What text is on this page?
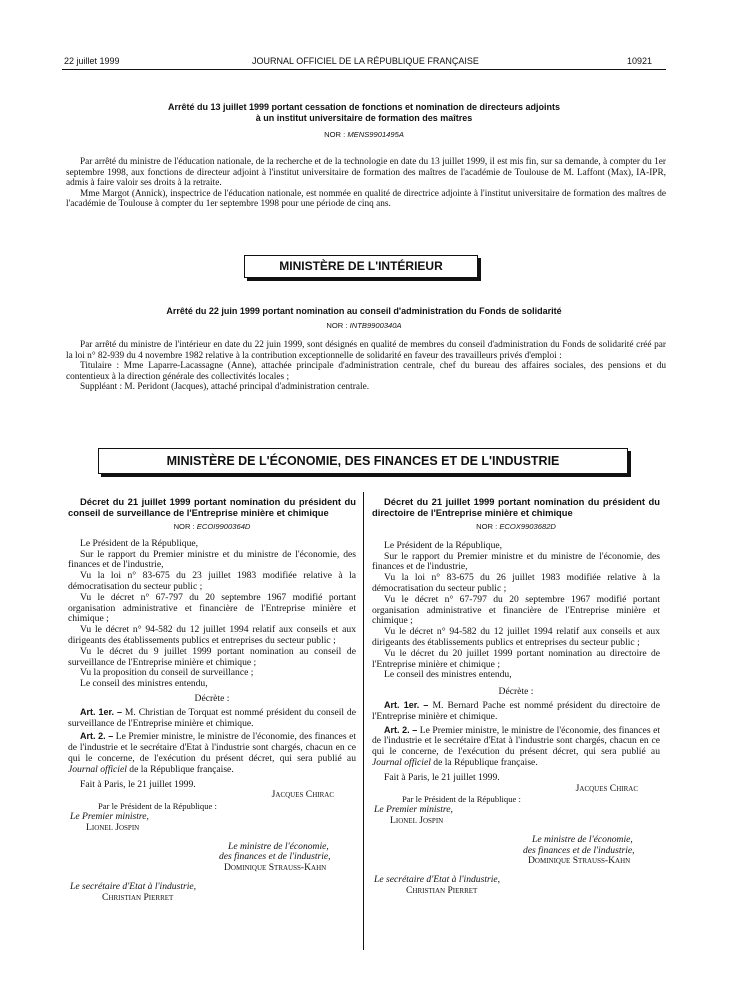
22 juillet 1999	JOURNAL OFFICIEL DE LA RÉPUBLIQUE FRANÇAISE	10921
Arrêté du 13 juillet 1999 portant cessation de fonctions et nomination de directeurs adjoints
à un institut universitaire de formation des maîtres
NOR : MENS9901495A

Par arrêté du ministre de l'éducation nationale, de la recherche et de la technologie en date du 13 juillet 1999, il est mis fin, sur sa demande, à compter du 1er septembre 1998, aux fonctions de directeur adjoint à l'institut universitaire de formation des maîtres de l'académie de Toulouse de M. Laffont (Max), IA-IPR, admis à faire valoir ses droits à la retraite.

Mme Margot (Annick), inspectrice de l'éducation nationale, est nommée en qualité de directrice adjointe à l'institut universitaire de formation des maîtres de l'académie de Toulouse à compter du 1er septembre 1998 pour une période de cinq ans.

MINISTÈRE DE L'INTÉRIEUR
Arrêté du 22 juin 1999 portant nomination au conseil d'administration du Fonds de solidarité
NOR : INTB9900340A

Par arrêté du ministre de l'intérieur en date du 22 juin 1999, sont désignés en qualité de membres du conseil d'administration du Fonds de solidarité créé par la loi n° 82-939 du 4 novembre 1982 relative à la contribution exceptionnelle de solidarité en faveur des travailleurs privés d'emploi :

Titulaire : Mme Laparre-Lacassagne (Anne), attachée principale d'administration centrale, chef du bureau des affaires sociales, des pensions et du contentieux à la direction générale des collectivités locales ;

Suppléant : M. Peridont (Jacques), attaché principal d'administration centrale.

MINISTÈRE DE L'ÉCONOMIE, DES FINANCES ET DE L'INDUSTRIE

Décret du 21 juillet 1999 portant nomination du président du conseil de surveillance de l'Entreprise minière et chimique

NOR : ECOI9900364D

Le Président de la République,

Sur le rapport du Premier ministre et du ministre de l'économie, des finances et de l'industrie,

Vu la loi n° 83-675 du 23 juillet 1983 modifiée relative à la démocratisation du secteur public ;

Vu le décret n° 67-797 du 20 septembre 1967 modifié portant organisation administrative et financière de l'Entreprise minière et chimique ;

Vu le décret n° 94-582 du 12 juillet 1994 relatif aux conseils et aux dirigeants des établissements publics et entreprises du secteur public ;

Vu le décret du 9 juillet 1999 portant nomination au conseil de surveillance de l'Entreprise minière et chimique ;

Vu la proposition du conseil de surveillance ;

Le conseil des ministres entendu,

Décrète :

Art. 1er. – M. Christian de Torquat est nommé président du conseil de surveillance de l'Entreprise minière et chimique.

Art. 2. – Le Premier ministre, le ministre de l'économie, des finances et de l'industrie et le secrétaire d'Etat à l'industrie sont chargés, chacun en ce qui le concerne, de l'exécution du présent décret, qui sera publié au Journal officiel de la République française.

Fait à Paris, le 21 juillet 1999.

Jacques Chirac

Par le Président de la République :

Le Premier ministre,

Lionel Jospin

Le ministre de l'économie,

des finances et de l'industrie,

Dominique Strauss-Kahn

Le secrétaire d'Etat à l'industrie,

Christian Pierret

Décret du 21 juillet 1999 portant nomination du président du directoire de l'Entreprise minière et chimique

NOR : ECOX9903682D

Le Président de la République,

Sur le rapport du Premier ministre et du ministre de l'économie, des finances et de l'industrie,

Vu la loi n° 83-675 du 26 juillet 1983 modifiée relative à la démocratisation du secteur public ;

Vu le décret n° 67-797 du 20 septembre 1967 modifié portant organisation administrative et financière de l'Entreprise minière et chimique ;

Vu le décret n° 94-582 du 12 juillet 1994 relatif aux conseils et aux dirigeants des établissements publics et entreprises du secteur public ;

Vu le décret du 20 juillet 1999 portant nomination au directoire de l'Entreprise minière et chimique ;

Le conseil des ministres entendu,

Décrète :

Art. 1er. – M. Bernard Pache est nommé président du directoire de l'Entreprise minière et chimique.

Art. 2. – Le Premier ministre, le ministre de l'économie, des finances et de l'industrie et le secrétaire d'Etat à l'industrie sont chargés, chacun en ce qui le concerne, de l'exécution du présent décret, qui sera publié au Journal officiel de la République française.

Fait à Paris, le 21 juillet 1999.

Jacques Chirac

Par le Président de la République :

Le Premier ministre,

Lionel Jospin

Le ministre de l'économie,

des finances et de l'industrie,

Dominique Strauss-Kahn

Le secrétaire d'Etat à l'industrie,

Christian Pierret
